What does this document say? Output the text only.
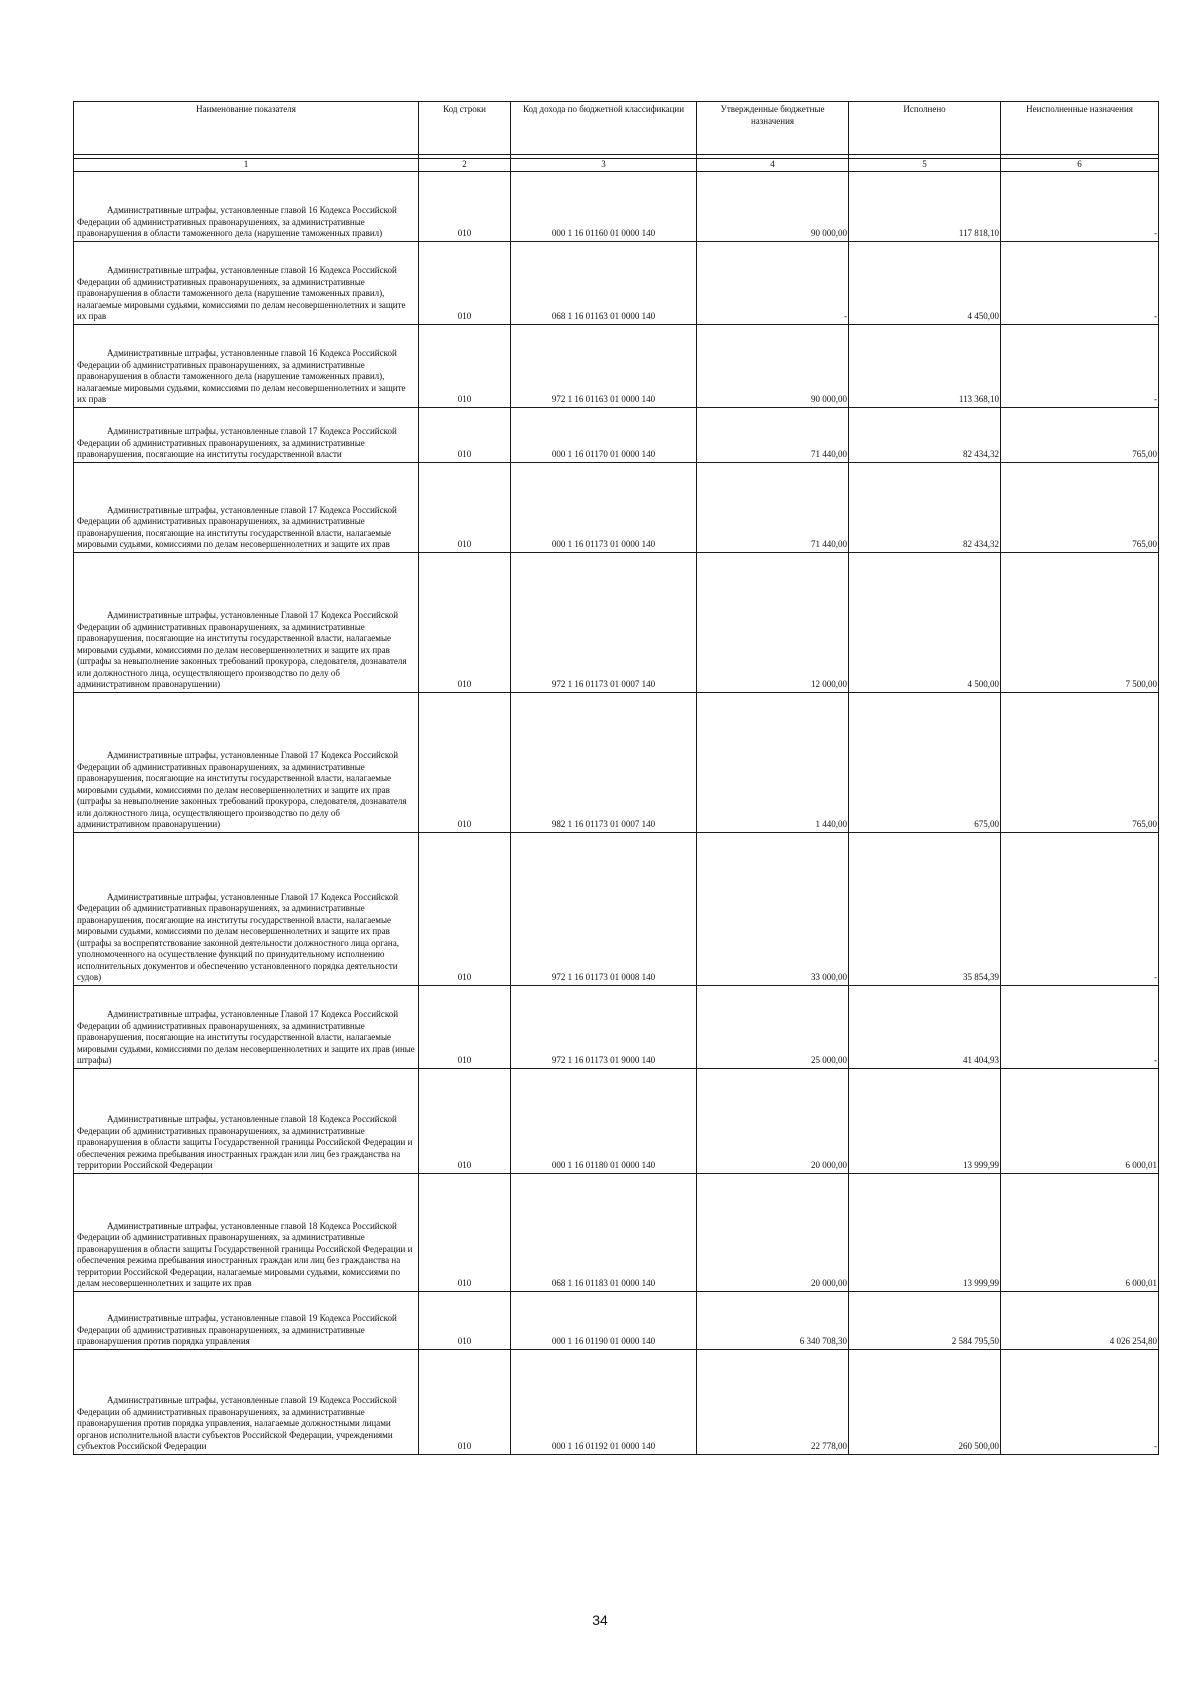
Наименование показателя	Код строки	Код дохода по бюджетной классификации	Утвержденные бюджетные назначения	Исполнено	Неисполненные назначения

1	2	3	4	5	6
Административные штрафы, установленные главой 16 Кодекса Российской Федерации об административных правонарушениях, за административные правонарушения в области таможенного дела (нарушение таможенных правил)	010	000 1 16 01160 01 0000 140	90 000,00	117 818,10	-
Административные штрафы, установленные главой 16 Кодекса Российской Федерации об административных правонарушениях, за административные правонарушения в области таможенного дела (нарушение таможенных правил), налагаемые мировыми судьями, комиссиями по делам несовершеннолетних и защите их прав	010	068 1 16 01163 01 0000 140	-	4 450,00	-
Административные штрафы, установленные главой 16 Кодекса Российской Федерации об административных правонарушениях, за административные правонарушения в области таможенного дела (нарушение таможенных правил), налагаемые мировыми судьями, комиссиями по делам несовершеннолетних и защите их прав	010	972 1 16 01163 01 0000 140	90 000,00	113 368,10	-
Административные штрафы, установленные главой 17 Кодекса Российской Федерации об административных правонарушениях, за административные правонарушения, посягающие на институты государственной власти	010	000 1 16 01170 01 0000 140	71 440,00	82 434,32	765,00
Административные штрафы, установленные главой 17 Кодекса Российской Федерации об административных правонарушениях, за административные правонарушения, посягающие на институты государственной власти, налагаемые мировыми судьями, комиссиями по делам несовершеннолетних и защите их прав	010	000 1 16 01173 01 0000 140	71 440,00	82 434,32	765,00
Административные штрафы, установленные Главой 17 Кодекса Российской Федерации об административных правонарушениях, за административные правонарушения, посягающие на институты государственной власти, налагаемые мировыми судьями, комиссиями по делам несовершеннолетних и защите их прав (штрафы за невыполнение законных требований прокурора, следователя, дознавателя или должностного лица, осуществляющего производство по делу об административном правонарушении)	010	972 1 16 01173 01 0007 140	12 000,00	4 500,00	7 500,00
Административные штрафы, установленные Главой 17 Кодекса Российской Федерации об административных правонарушениях, за административные правонарушения, посягающие на институты государственной власти, налагаемые мировыми судьями, комиссиями по делам несовершеннолетних и защите их прав (штрафы за невыполнение законных требований прокурора, следователя, дознавателя или должностного лица, осуществляющего производство по делу об административном правонарушении)	010	982 1 16 01173 01 0007 140	1 440,00	675,00	765,00
Административные штрафы, установленные Главой 17 Кодекса Российской Федерации об административных правонарушениях, за административные правонарушения, посягающие на институты государственной власти, налагаемые мировыми судьями, комиссиями по делам несовершеннолетних и защите их прав (штрафы за воспрепятствование законной деятельности должностного лица органа, уполномоченного на осуществление функций по принудительному исполнению исполнительных документов и обеспечению установленного порядка деятельности судов)	010	972 1 16 01173 01 0008 140	33 000,00	35 854,39	-
Административные штрафы, установленные Главой 17 Кодекса Российской Федерации об административных правонарушениях, за административные правонарушения, посягающие на институты государственной власти, налагаемые мировыми судьями, комиссиями по делам несовершеннолетних и защите их прав (иные штрафы)	010	972 1 16 01173 01 9000 140	25 000,00	41 404,93	-
Административные штрафы, установленные главой 18 Кодекса Российской Федерации об административных правонарушениях, за административные правонарушения в области защиты Государственной границы Российской Федерации и обеспечения режима пребывания иностранных граждан или лиц без гражданства на территории Российской Федерации	010	000 1 16 01180 01 0000 140	20 000,00	13 999,99	6 000,01
Административные штрафы, установленные главой 18 Кодекса Российской Федерации об административных правонарушениях, за административные правонарушения в области защиты Государственной границы Российской Федерации и обеспечения режима пребывания иностранных граждан или лиц без гражданства на территории Российской Федерации, налагаемые мировыми судьями, комиссиями по делам несовершеннолетних и защите их прав	010	068 1 16 01183 01 0000 140	20 000,00	13 999,99	6 000,01
Административные штрафы, установленные главой 19 Кодекса Российской Федерации об административных правонарушениях, за административные правонарушения против порядка управления	010	000 1 16 01190 01 0000 140	6 340 708,30	2 584 795,50	4 026 254,80
Административные штрафы, установленные главой 19 Кодекса Российской Федерации об административных правонарушениях, за административные правонарушения против порядка управления, налагаемые должностными лицами органов исполнительной власти субъектов Российской Федерации, учреждениями субъектов Российской Федерации	010	000 1 16 01192 01 0000 140	22 778,00	260 500,00	-
34
